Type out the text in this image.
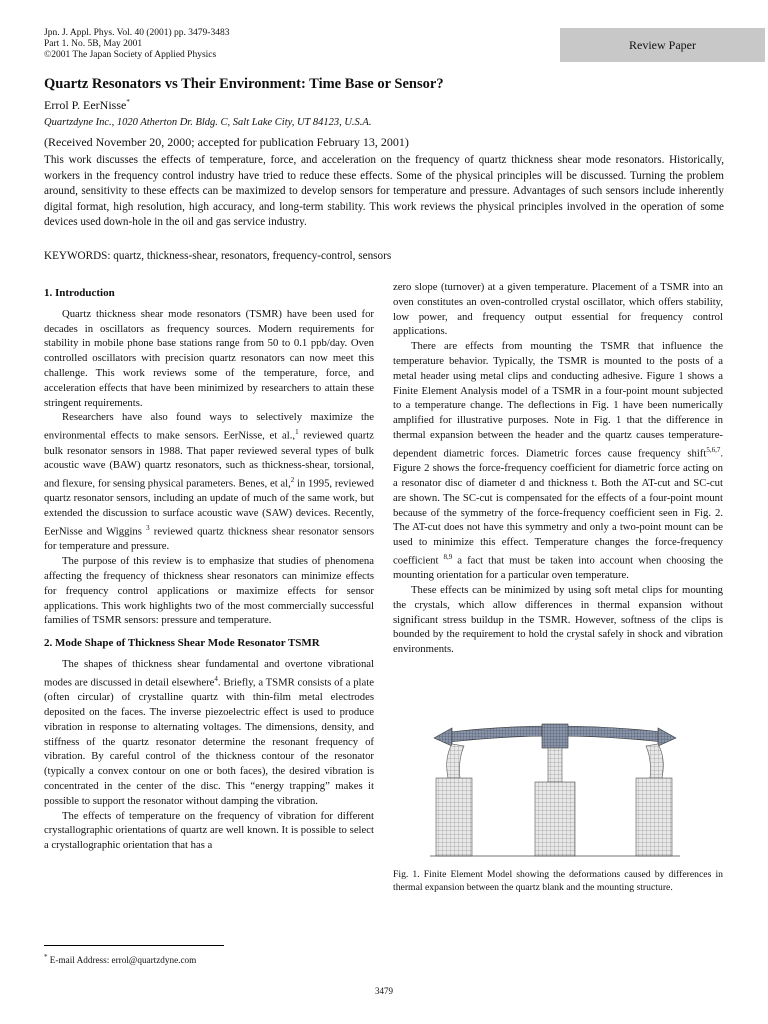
Jpn. J. Appl. Phys. Vol. 40 (2001) pp. 3479-3483
Part 1. No. 5B, May 2001
©2001 The Japan Society of Applied Physics
Review Paper
Quartz Resonators vs Their Environment: Time Base or Sensor?
Errol P. EerNisse*
Quartzdyne Inc., 1020 Atherton Dr. Bldg. C, Salt Lake City, UT 84123, U.S.A.
(Received November 20, 2000; accepted for publication February 13, 2001)
This work discusses the effects of temperature, force, and acceleration on the frequency of quartz thickness shear mode resonators. Historically, workers in the frequency control industry have tried to reduce these effects. Some of the physical principles will be discussed. Turning the problem around, sensitivity to these effects can be maximized to develop sensors for temperature and pressure. Advantages of such sensors include inherently digital format, high resolution, high accuracy, and long-term stability. This work reviews the physical principles involved in the operation of some devices used down-hole in the oil and gas service industry.
KEYWORDS: quartz, thickness-shear, resonators, frequency-control, sensors
1. Introduction

Quartz thickness shear mode resonators (TSMR) have been used for decades in oscillators as frequency sources. Modern requirements for stability in mobile phone base stations range from 50 to 0.1 ppb/day. Oven controlled oscillators with precision quartz resonators can now meet this challenge. This work reviews some of the temperature, force, and acceleration effects that have been minimized by researchers to attain these stringent requirements.

Researchers have also found ways to selectively maximize the environmental effects to make sensors. EerNisse, et al.,$^1$ reviewed quartz bulk resonator sensors in 1988. That paper reviewed several types of bulk acoustic wave (BAW) quartz resonators, such as thickness-shear, torsional, and flexure, for sensing physical parameters. Benes, et al,$^2$ in 1995, reviewed quartz resonator sensors, including an update of much of the same work, but extended the discussion to surface acoustic wave (SAW) devices. Recently, EerNisse and Wiggins $^3$ reviewed quartz thickness shear resonator sensors for temperature and pressure.

The purpose of this review is to emphasize that studies of phenomena affecting the frequency of thickness shear resonators can minimize effects for frequency control applications or maximize effects for sensor applications. This work highlights two of the most commercially successful families of TSMR sensors: pressure and temperature.

2. Mode Shape of Thickness Shear Mode Resonator TSMR

The shapes of thickness shear fundamental and overtone vibrational modes are discussed in detail elsewhere$^4$. Briefly, a TSMR consists of a plate (often circular) of crystalline quartz with thin-film metal electrodes deposited on the faces. The inverse piezoelectric effect is used to produce vibration in response to alternating voltages. The dimensions, density, and stiffness of the quartz resonator determine the resonant frequency of vibration. By careful control of the thickness contour of the resonator (typically a convex contour on one or both faces), the desired vibration is concentrated in the center of the disc. This “energy trapping” makes it possible to support the resonator without damping the vibration.

The effects of temperature on the frequency of vibration for different crystallographic orientations of quartz are well known. It is possible to select a crystallographic orientation that has a

zero slope (turnover) at a given temperature. Placement of a TSMR into an oven constitutes an oven-controlled crystal oscillator, which offers stability, low power, and frequency output essential for frequency control applications.

There are effects from mounting the TSMR that influence the temperature behavior. Typically, the TSMR is mounted to the posts of a metal header using metal clips and conducting adhesive. Figure 1 shows a Finite Element Analysis model of a TSMR in a four-point mount subjected to a temperature change. The deflections in Fig. 1 have been numerically amplified for illustrative purposes. Note in Fig. 1 that the difference in thermal expansion between the header and the quartz causes temperature-dependent diametric forces. Diametric forces cause frequency shift$^{5,6,7}$. Figure 2 shows the force-frequency coefficient for diametric force acting on a resonator disc of diameter d and thickness t. Both the AT-cut and SC-cut are shown. The SC-cut is compensated for the effects of a four-point mount because of the symmetry of the force-frequency coefficient seen in Fig. 2. The AT-cut does not have this symmetry and only a two-point mount can be used to minimize this effect. Temperature changes the force-frequency coefficient $^{8,9}$ a fact that must be taken into account when choosing the mounting orientation for a particular oven temperature.

These effects can be minimized by using soft metal clips for mounting the crystals, which allow differences in thermal expansion without significant stress buildup in the TSMR. However, softness of the clips is bounded by the requirement to hold the crystal safely in shock and vibration environments.

Fig. 1. Finite Element Model showing the deformations caused by differences in thermal expansion between the quartz blank and the mounting structure.
* E-mail Address: errol@quartzdyne.com
3479
